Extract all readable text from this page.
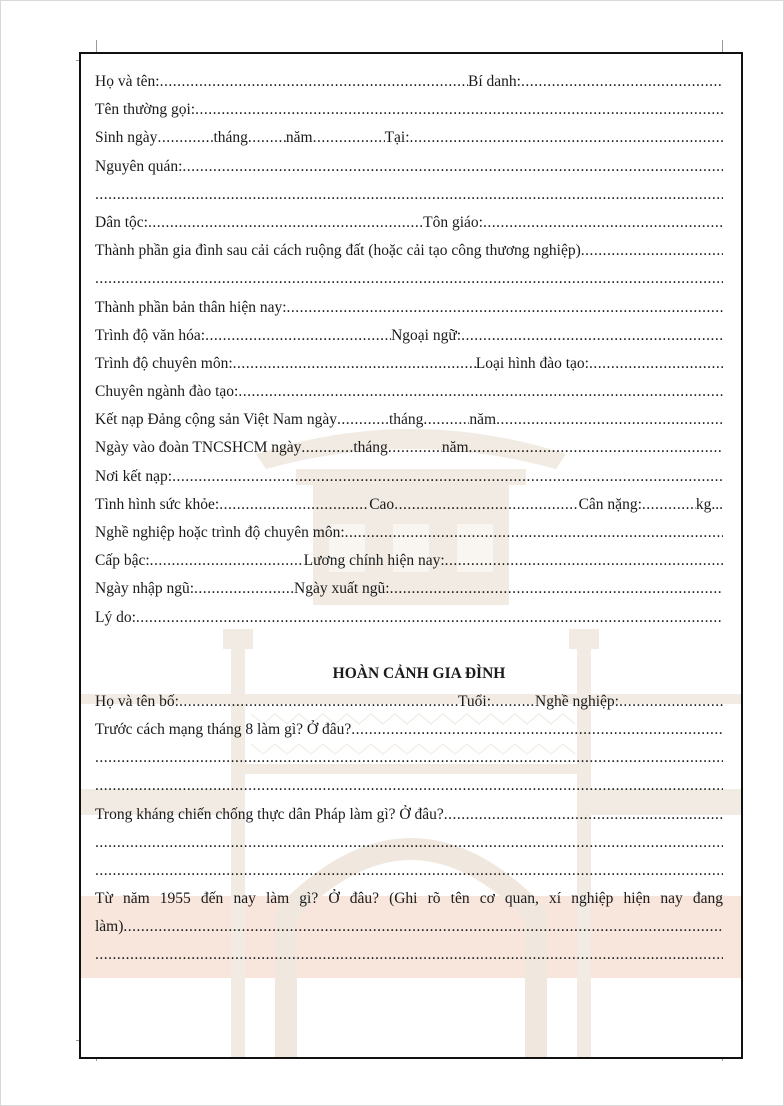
Họ và tên: .....	Bí danh:
.....
Tên thường gọi:
.....
Sinh ngày .....	tháng ..... năm .....	Tại:
.....
Nguyên quán:
.....
.....
Dân tộc: .....	Tôn giáo:
.....
Thành phần gia đình sau cải cách ruộng đất (hoặc cải tạo công thương nghiệp)
.....
.....
Thành phần bản thân hiện nay:
.....
Trình độ văn hóa: .....	Ngoại ngữ:
.....
Trình độ chuyên môn: .....	Loại hình đào tạo:
.....
Chuyên ngành đào tạo:
.....
Kết nạp Đảng cộng sản Việt Nam ngày .....	tháng .....	năm
.....
Ngày vào đoàn TNCSHCM ngày .....	tháng .....	năm
.....
Nơi kết nạp:
.....
Tình hình sức khỏe: .....	Cao .....	Cân nặng: .....	kg...
Nghề nghiệp hoặc trình độ chuyên môn:
.....
Cấp bậc: .....	Lương chính hiện nay:
.....
Ngày nhập ngũ: .....	Ngày xuất ngũ:
.....
Lý do:
.....
HOÀN CẢNH GIA ĐÌNH
Họ và tên bố: .....	Tuổi: .....	Nghề nghiệp:
.....
Trước cách mạng tháng 8 làm gì? Ở đâu?
.....
.....
.....
Trong kháng chiến chống thực dân Pháp làm gì? Ở đâu?
.....
.....
.....
Từ năm 1955 đến nay làm gì? Ở đâu? (Ghi rõ tên cơ quan, xí nghiệp hiện nay đang
làm)
.....
.....
